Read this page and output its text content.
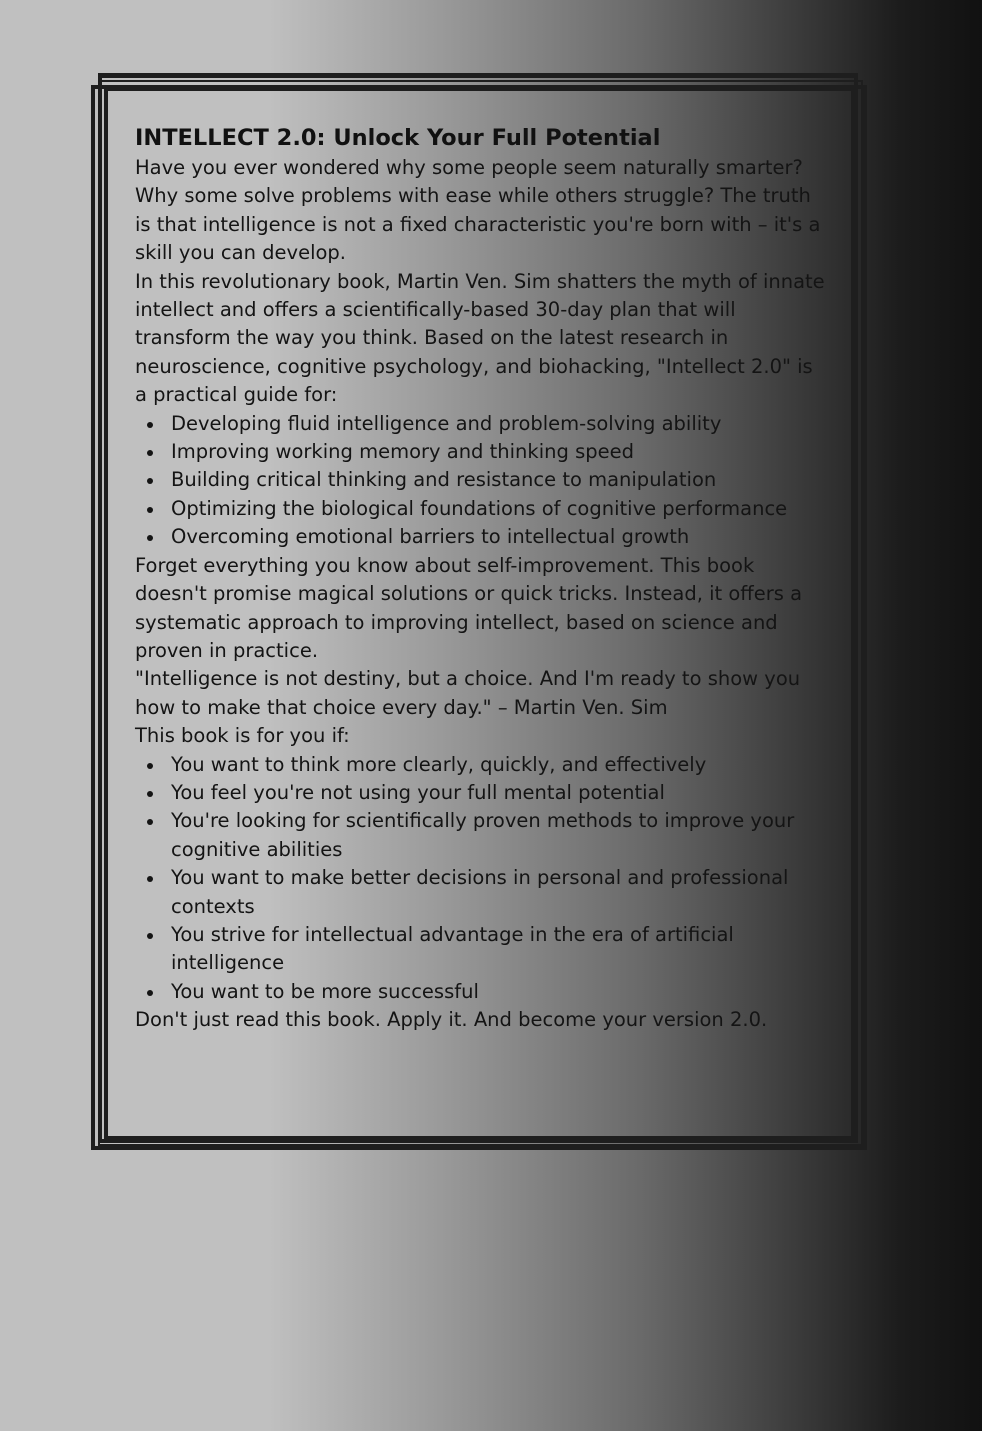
INTELLECT 2.0: Unlock Your Full Potential

Have you ever wondered why some people seem naturally smarter? Why some solve problems with ease while others struggle? The truth is that intelligence is not a fixed characteristic you're born with – it's a skill you can develop.

In this revolutionary book, Martin Ven. Sim shatters the myth of innate intellect and offers a scientifically-based 30-day plan that will transform the way you think. Based on the latest research in neuroscience, cognitive psychology, and biohacking, "Intellect 2.0" is a practical guide for:

Developing fluid intelligence and problem-solving ability
Improving working memory and thinking speed
Building critical thinking and resistance to manipulation
Optimizing the biological foundations of cognitive performance
Overcoming emotional barriers to intellectual growth

Forget everything you know about self-improvement. This book doesn't promise magical solutions or quick tricks. Instead, it offers a systematic approach to improving intellect, based on science and proven in practice.

"Intelligence is not destiny, but a choice. And I'm ready to show you how to make that choice every day." – Martin Ven. Sim

This book is for you if:

You want to think more clearly, quickly, and effectively
You feel you're not using your full mental potential
You're looking for scientifically proven methods to improve your cognitive abilities
You want to make better decisions in personal and professional contexts
You strive for intellectual advantage in the era of artificial intelligence
You want to be more successful

Don't just read this book. Apply it. And become your version 2.0.
